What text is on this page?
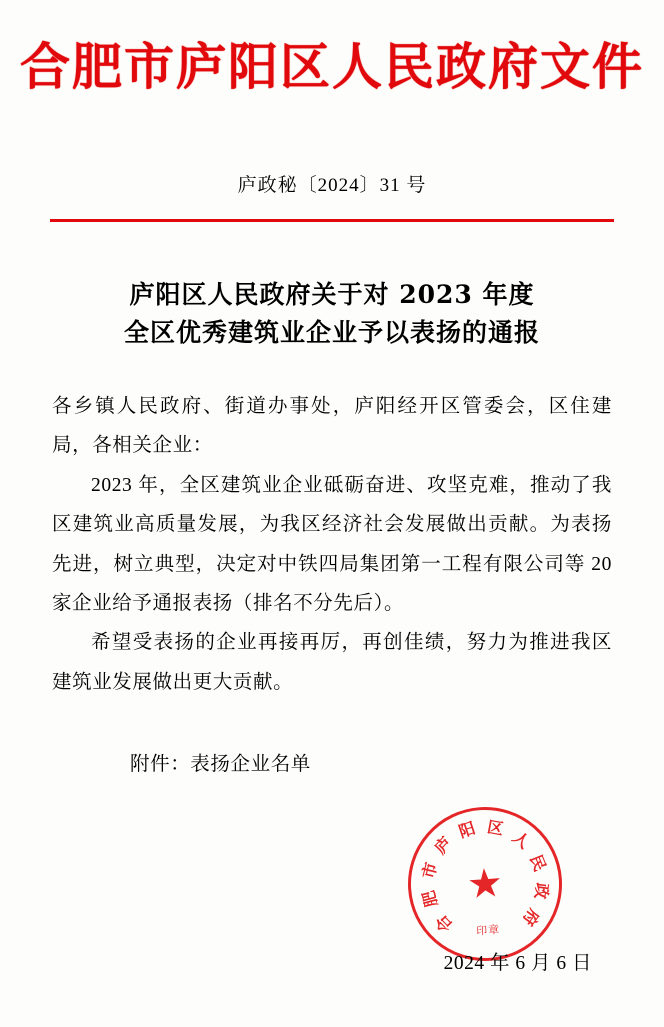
合肥市庐阳区人民政府文件
庐政秘〔2024〕31 号
庐阳区人民政府关于对 2023 年度
全区优秀建筑业企业予以表扬的通报

各乡镇人民政府、街道办事处，庐阳经开区管委会，区住建局，各相关企业：

2023 年，全区建筑业企业砥砺奋进、攻坚克难，推动了我区建筑业高质量发展，为我区经济社会发展做出贡献。为表扬先进，树立典型，决定对中铁四局集团第一工程有限公司等 20 家企业给予通报表扬（排名不分先后）。

希望受表扬的企业再接再厉，再创佳绩，努力为推进我区建筑业发展做出更大贡献。

附件：表扬企业名单
★
合
肥
市
庐
阳 区 人
民
政
府
印章
2024 年 6 月 6 日
